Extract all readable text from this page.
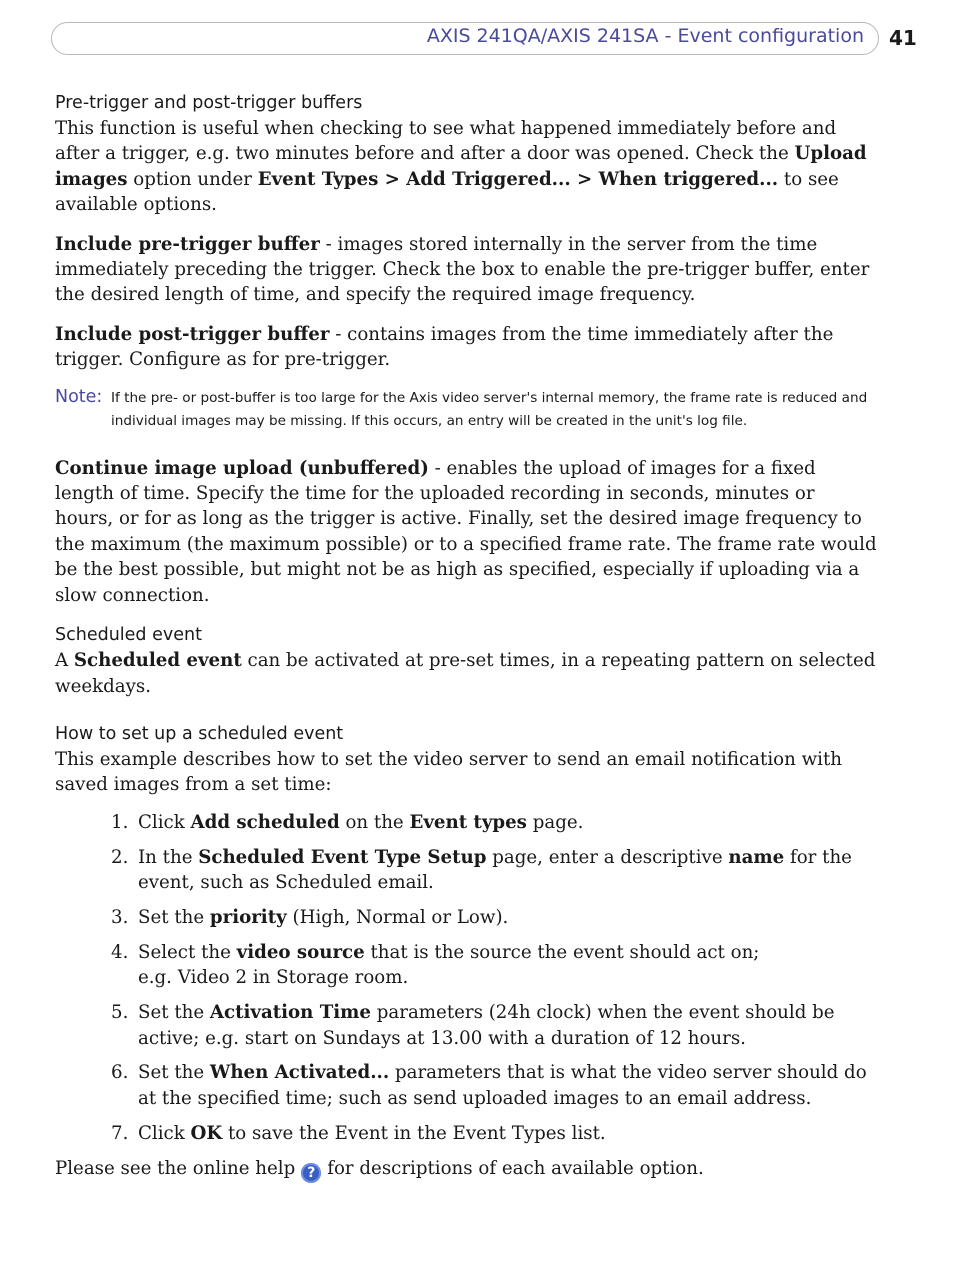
AXIS 241QA/AXIS 241SA - Event configuration 41
Pre-trigger and post-trigger buffers

This function is useful when checking to see what happened immediately before and after a trigger, e.g. two minutes before and after a door was opened. Check the Upload images option under Event Types > Add Triggered... > When triggered... to see available options.

Include pre-trigger buffer - images stored internally in the server from the time immediately preceding the trigger. Check the box to enable the pre-trigger buffer, enter the desired length of time, and specify the required image frequency.

Include post-trigger buffer - contains images from the time immediately after the trigger. Configure as for pre-trigger.

Note: If the pre- or post-buffer is too large for the Axis video server's internal memory, the frame rate is reduced and individual images may be missing. If this occurs, an entry will be created in the unit's log file.

Continue image upload (unbuffered) - enables the upload of images for a fixed length of time. Specify the time for the uploaded recording in seconds, minutes or hours, or for as long as the trigger is active. Finally, set the desired image frequency to the maximum (the maximum possible) or to a specified frame rate. The frame rate would be the best possible, but might not be as high as specified, especially if uploading via a slow connection.

Scheduled event

A Scheduled event can be activated at pre-set times, in a repeating pattern on selected weekdays.

How to set up a scheduled event

This example describes how to set the video server to send an email notification with saved images from a set time:

1. Click Add scheduled on the Event types page.
2. In the Scheduled Event Type Setup page, enter a descriptive name for the event, such as Scheduled email.
3. Set the priority (High, Normal or Low).
4. Select the video source that is the source the event should act on;
e.g. Video 2 in Storage room.
5. Set the Activation Time parameters (24h clock) when the event should be active; e.g. start on Sundays at 13.00 with a duration of 12 hours.
6. Set the When Activated... parameters that is what the video server should do at the specified time; such as send uploaded images to an email address.
7. Click OK to save the Event in the Event Types list.

Please see the online help ? for descriptions of each available option.
